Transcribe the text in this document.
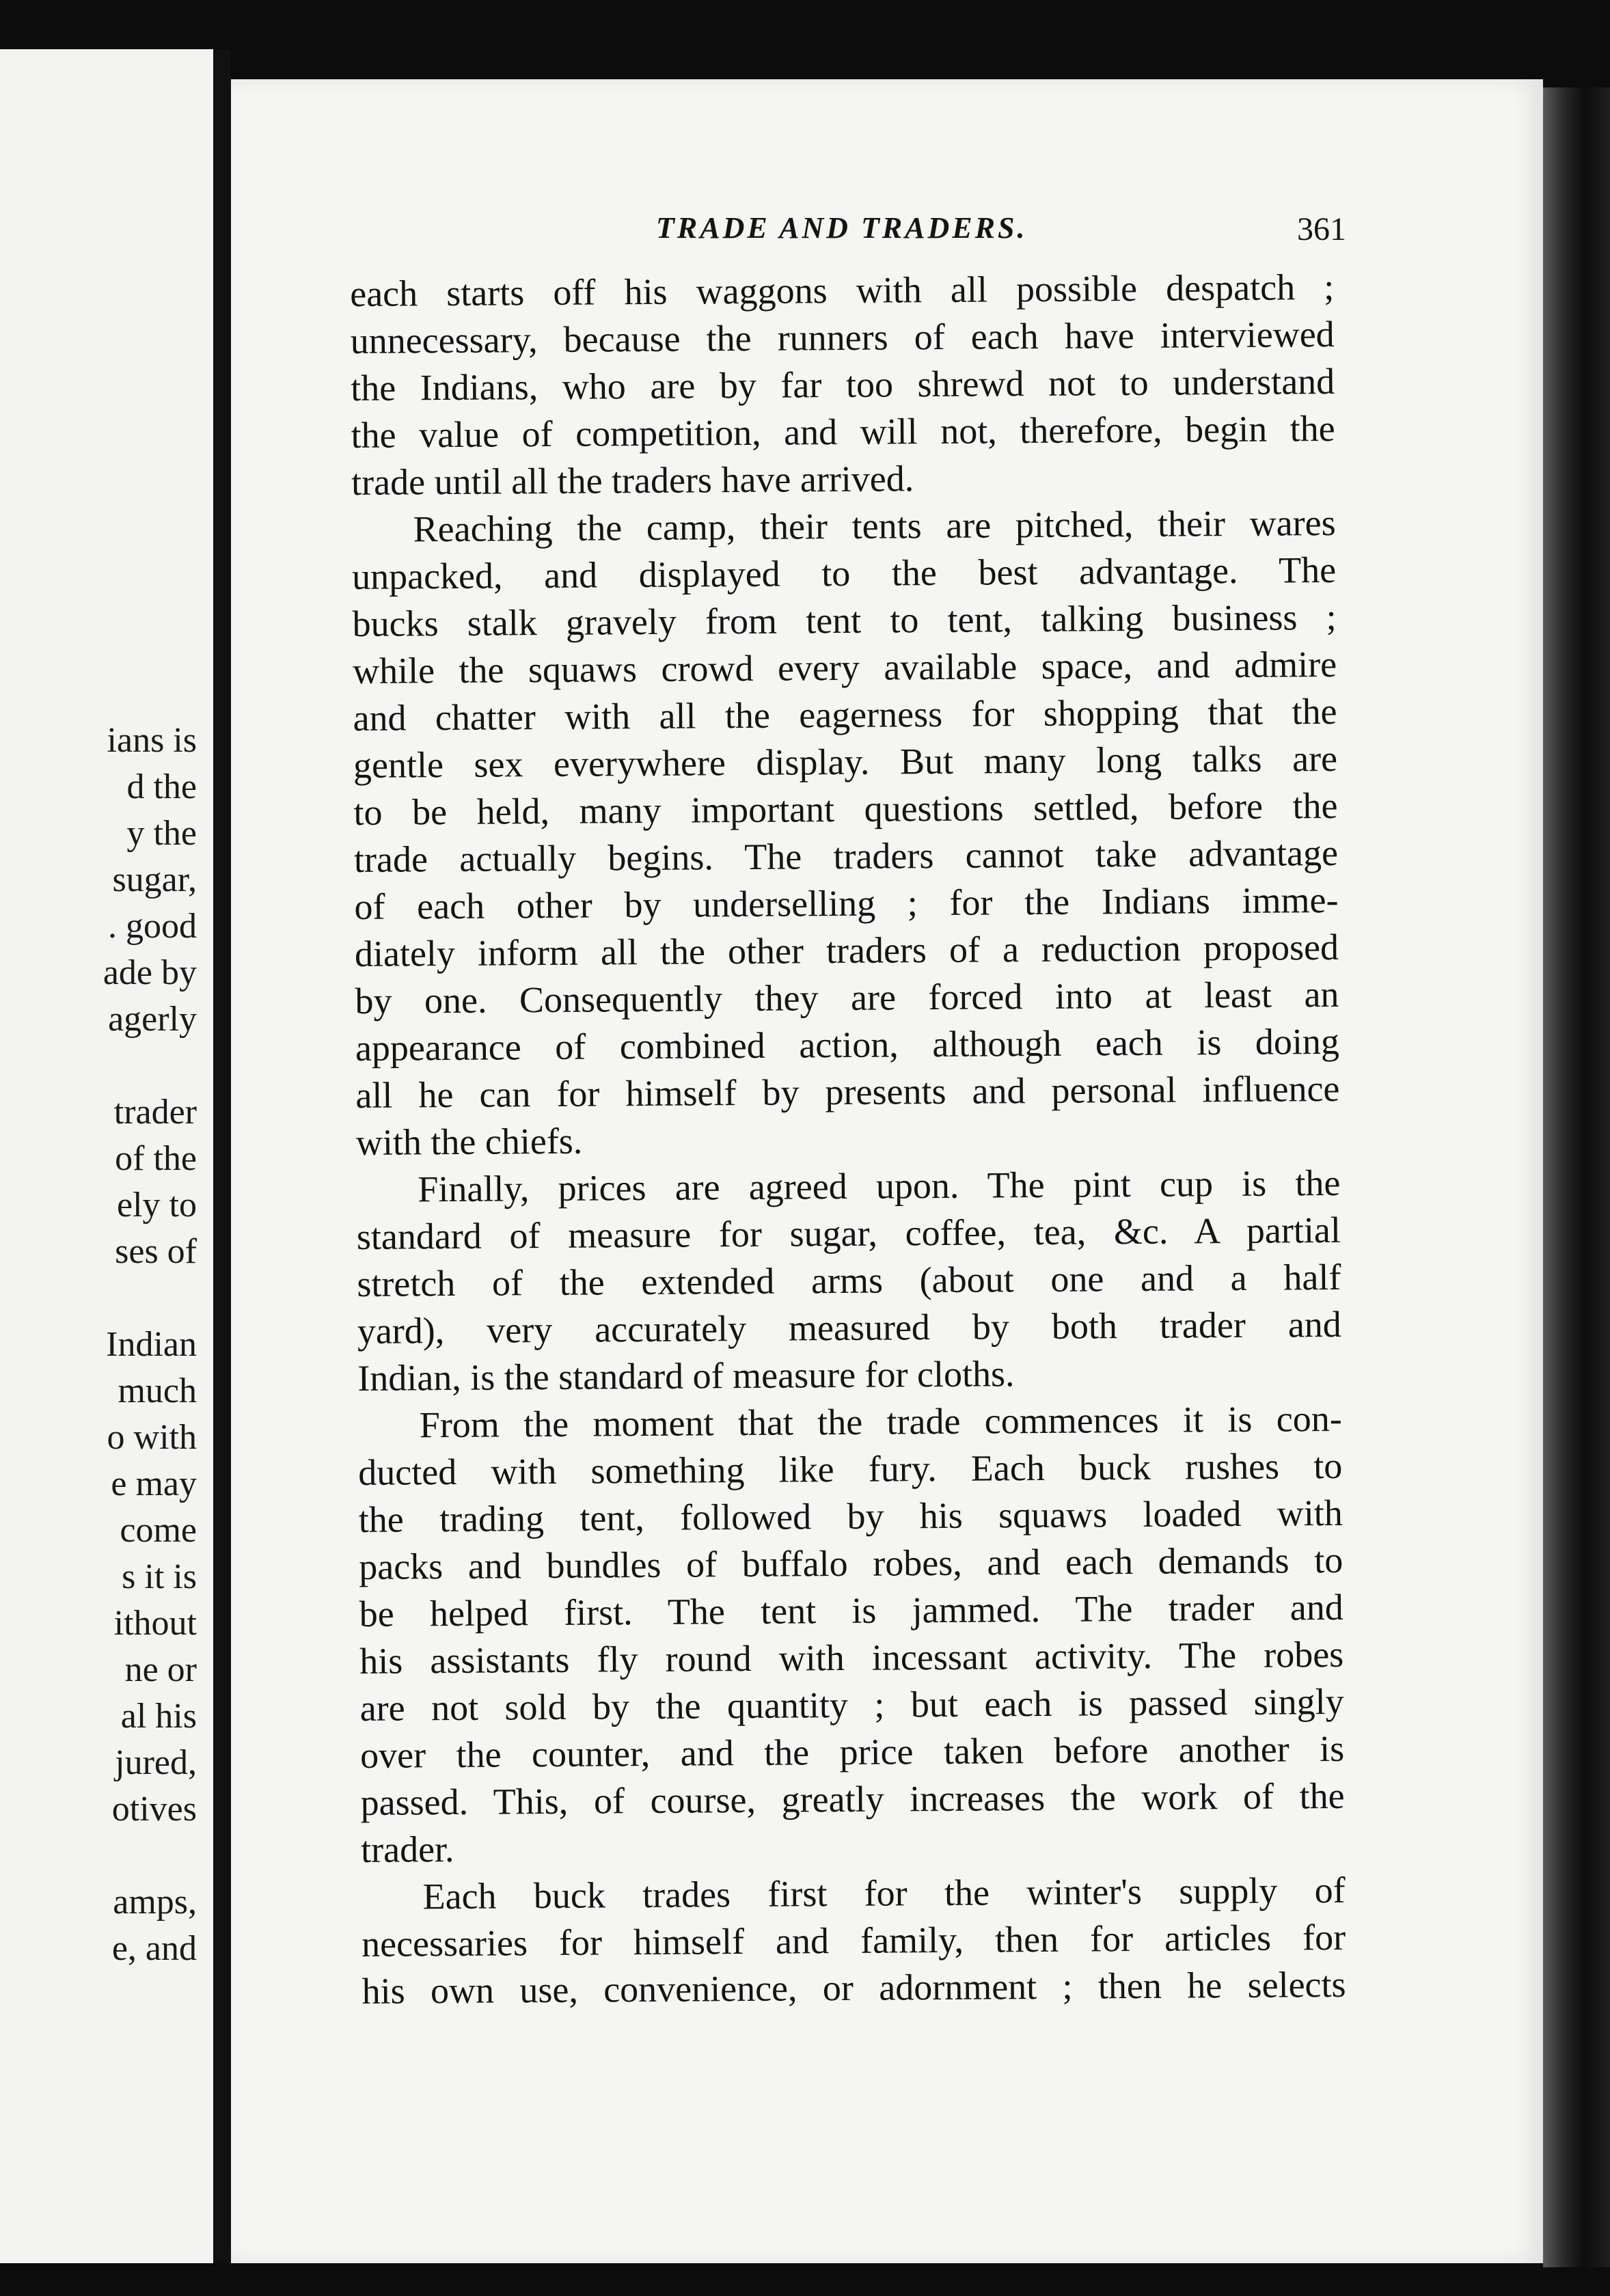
ians is
d the
y the
sugar,
. good
ade by
agerly
trader
of the
ely to
ses of
Indian
much
o with
e may
come
s it is
ithout
ne or
al his
jured,
otives
amps,
e, and
TRADE AND TRADERS.	361
each starts off his waggons with all possible despatch ;
unnecessary, because the runners of each have interviewed
the Indians, who are by far too shrewd not to understand
the value of competition, and will not, therefore, begin the
trade until all the traders have arrived.
Reaching the camp, their tents are pitched, their wares
unpacked, and displayed to the best advantage. The
bucks stalk gravely from tent to tent, talking business ;
while the squaws crowd every available space, and admire
and chatter with all the eagerness for shopping that the
gentle sex everywhere display. But many long talks are
to be held, many important questions settled, before the
trade actually begins. The traders cannot take advantage
of each other by underselling ; for the Indians imme-
diately inform all the other traders of a reduction proposed
by one. Consequently they are forced into at least an
appearance of combined action, although each is doing
all he can for himself by presents and personal influence
with the chiefs.
Finally, prices are agreed upon. The pint cup is the
standard of measure for sugar, coffee, tea, &c. A partial
stretch of the extended arms (about one and a half
yard), very accurately measured by both trader and
Indian, is the standard of measure for cloths.
From the moment that the trade commences it is con-
ducted with something like fury. Each buck rushes to
the trading tent, followed by his squaws loaded with
packs and bundles of buffalo robes, and each demands to
be helped first. The tent is jammed. The trader and
his assistants fly round with incessant activity. The robes
are not sold by the quantity ; but each is passed singly
over the counter, and the price taken before another is
passed. This, of course, greatly increases the work of the
trader.
Each buck trades first for the winter's supply of
necessaries for himself and family, then for articles for
his own use, convenience, or adornment ; then he selects
